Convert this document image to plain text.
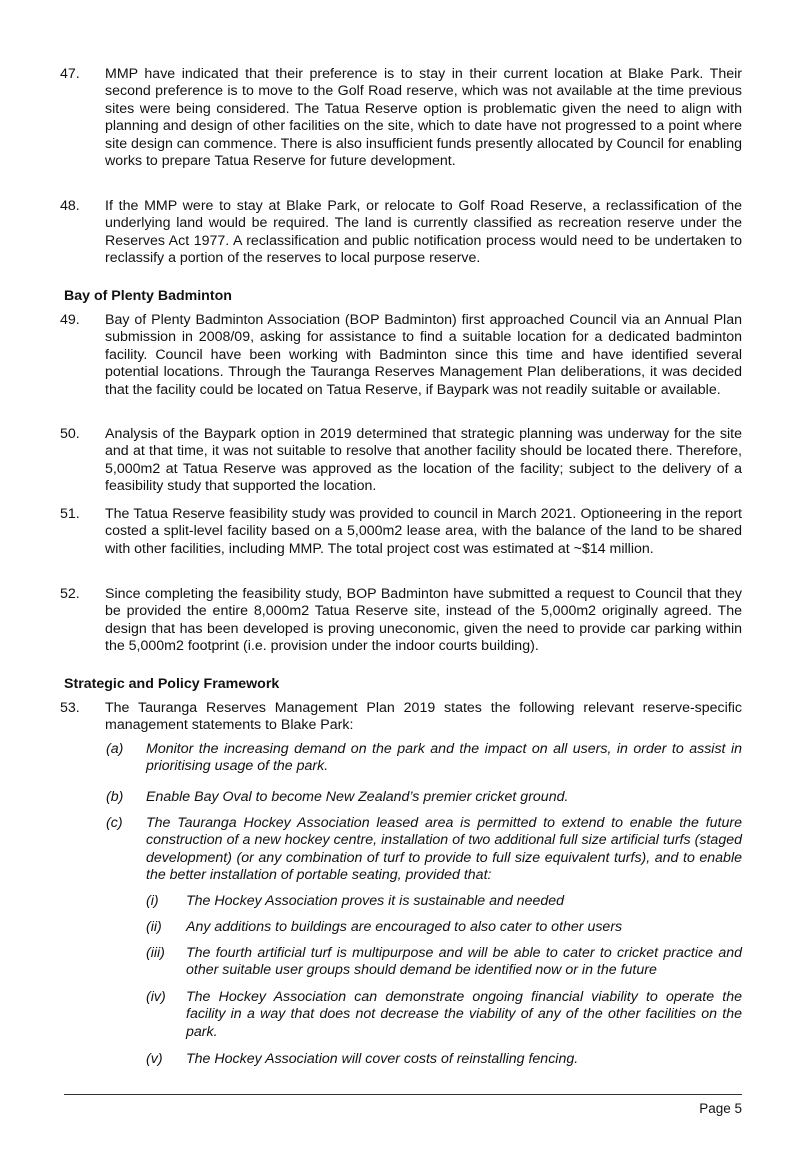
47.	MMP have indicated that their preference is to stay in their current location at Blake Park. Their second preference is to move to the Golf Road reserve, which was not available at the time previous sites were being considered. The Tatua Reserve option is problematic given the need to align with planning and design of other facilities on the site, which to date have not progressed to a point where site design can commence. There is also insufficient funds presently allocated by Council for enabling works to prepare Tatua Reserve for future development.
48.	If the MMP were to stay at Blake Park, or relocate to Golf Road Reserve, a reclassification of the underlying land would be required. The land is currently classified as recreation reserve under the Reserves Act 1977. A reclassification and public notification process would need to be undertaken to reclassify a portion of the reserves to local purpose reserve.
Bay of Plenty Badminton
49.	Bay of Plenty Badminton Association (BOP Badminton) first approached Council via an Annual Plan submission in 2008/09, asking for assistance to find a suitable location for a dedicated badminton facility. Council have been working with Badminton since this time and have identified several potential locations. Through the Tauranga Reserves Management Plan deliberations, it was decided that the facility could be located on Tatua Reserve, if Baypark was not readily suitable or available.
50.	Analysis of the Baypark option in 2019 determined that strategic planning was underway for the site and at that time, it was not suitable to resolve that another facility should be located there. Therefore, 5,000m2 at Tatua Reserve was approved as the location of the facility; subject to the delivery of a feasibility study that supported the location.
51.	The Tatua Reserve feasibility study was provided to council in March 2021. Optioneering in the report costed a split-level facility based on a 5,000m2 lease area, with the balance of the land to be shared with other facilities, including MMP. The total project cost was estimated at ~$14 million.
52.	Since completing the feasibility study, BOP Badminton have submitted a request to Council that they be provided the entire 8,000m2 Tatua Reserve site, instead of the 5,000m2 originally agreed. The design that has been developed is proving uneconomic, given the need to provide car parking within the 5,000m2 footprint (i.e. provision under the indoor courts building).
Strategic and Policy Framework
53.	The Tauranga Reserves Management Plan 2019 states the following relevant reserve-specific management statements to Blake Park:
(a) Monitor the increasing demand on the park and the impact on all users, in order to assist in prioritising usage of the park.
(b) Enable Bay Oval to become New Zealand’s premier cricket ground.
(c) The Tauranga Hockey Association leased area is permitted to extend to enable the future construction of a new hockey centre, installation of two additional full size artificial turfs (staged development) (or any combination of turf to provide to full size equivalent turfs), and to enable the better installation of portable seating, provided that:
(i) The Hockey Association proves it is sustainable and needed
(ii) Any additions to buildings are encouraged to also cater to other users
(iii) The fourth artificial turf is multipurpose and will be able to cater to cricket practice and other suitable user groups should demand be identified now or in the future
(iv) The Hockey Association can demonstrate ongoing financial viability to operate the facility in a way that does not decrease the viability of any of the other facilities on the park.
(v) The Hockey Association will cover costs of reinstalling fencing.
Page 5
